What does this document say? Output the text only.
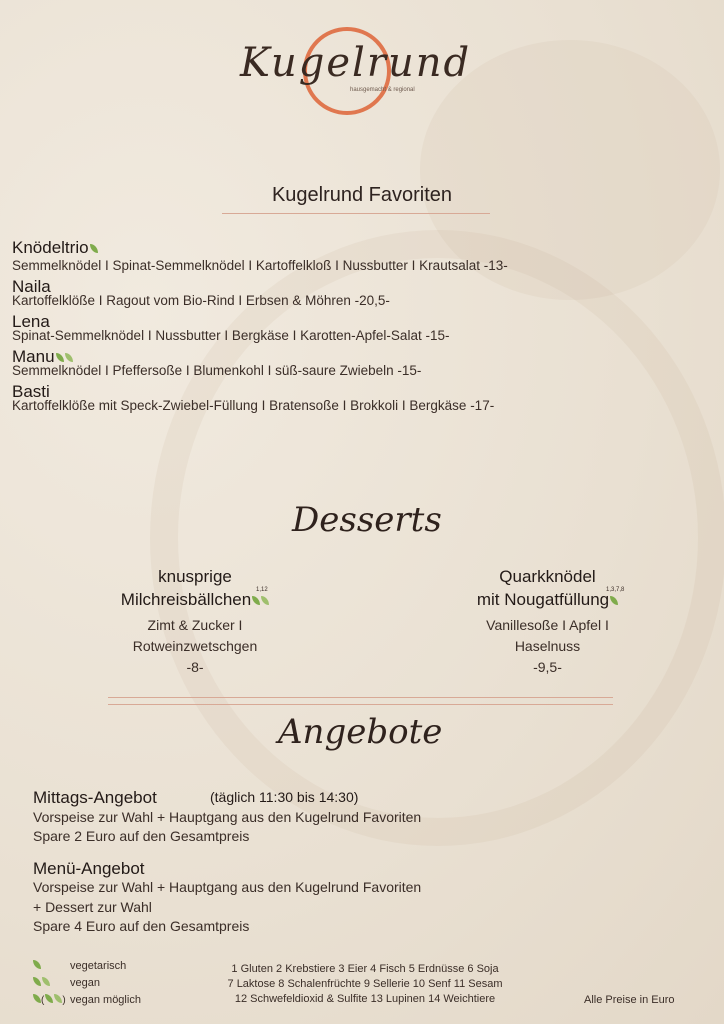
Kugelrund
hausgemacht & regional
Kugelrund Favoriten
Knödeltrio
Semmelknödel I Spinat-Semmelknödel I Kartoffelkloß I Nussbutter I Krautsalat -13-
Naila
Kartoffelklöße I Ragout vom Bio-Rind I Erbsen & Möhren -20,5-
Lena
Spinat-Semmelknödel I Nussbutter I Bergkäse I Karotten-Apfel-Salat -15-
Manu
Semmelknödel I Pfeffersoße I Blumenkohl I süß-saure Zwiebeln -15-
Basti
Kartoffelklöße mit Speck-Zwiebel-Füllung I Bratensoße I Brokkoli I Bergkäse -17-
Desserts
knusprige
Milchreisbällchen
Zimt & Zucker I
Rotweinzwetschgen
-8-
1,12
Quarkknödel
mit Nougatfüllung
Vanillesoße I Apfel I
Haselnuss
-9,5-
1,3,7,8
Angebote
Mittags-Angebot	(täglich 11:30 bis 14:30)
Vorspeise zur Wahl + Hauptgang aus den Kugelrund Favoriten
Spare 2 Euro auf den Gesamtpreis
Menü-Angebot
Vorspeise zur Wahl + Hauptgang aus den Kugelrund Favoriten
+ Dessert zur Wahl
Spare 4 Euro auf den Gesamtpreis
vegetarisch
vegan
( ) vegan möglich
1 Gluten 2 Krebstiere 3 Eier 4 Fisch 5 Erdnüsse 6 Soja
7 Laktose 8 Schalenfrüchte 9 Sellerie 10 Senf 11 Sesam
12 Schwefeldioxid & Sulfite 13 Lupinen 14 Weichtiere	Alle Preise in Euro
